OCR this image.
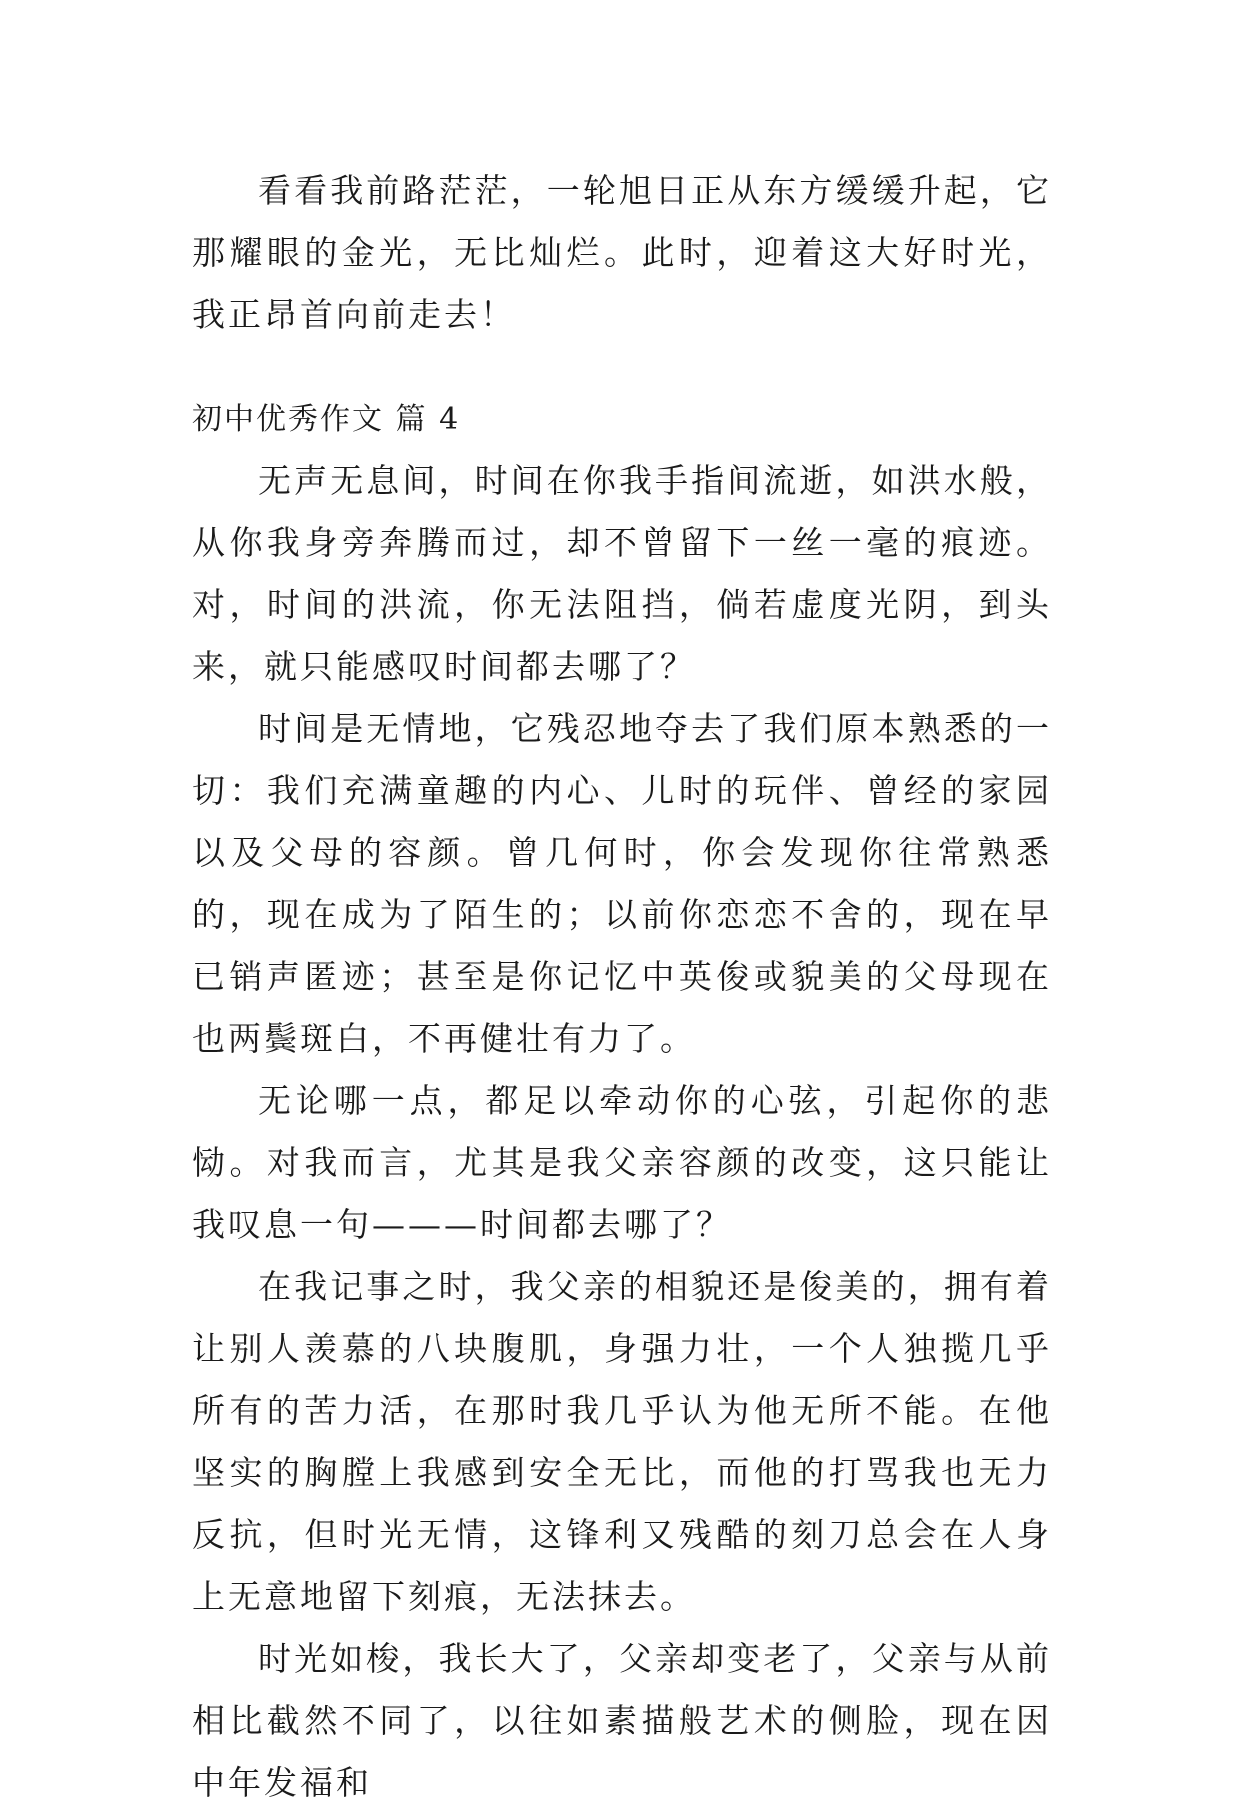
看看我前路茫茫，一轮旭日正从东方缓缓升起，它那耀眼的金光，无比灿烂。此时，迎着这大好时光，我正昂首向前走去！

初中优秀作文 篇 4

无声无息间，时间在你我手指间流逝，如洪水般，从你我身旁奔腾而过，却不曾留下一丝一毫的痕迹。对，时间的洪流，你无法阻挡，倘若虚度光阴，到头来，就只能感叹时间都去哪了？

时间是无情地，它残忍地夺去了我们原本熟悉的一切：我们充满童趣的内心、儿时的玩伴、曾经的家园以及父母的容颜。曾几何时，你会发现你往常熟悉的，现在成为了陌生的；以前你恋恋不舍的，现在早已销声匿迹；甚至是你记忆中英俊或貌美的父母现在也两鬓斑白，不再健壮有力了。

无论哪一点，都足以牵动你的心弦，引起你的悲恸。对我而言，尤其是我父亲容颜的改变，这只能让我叹息一句———时间都去哪了？

在我记事之时，我父亲的相貌还是俊美的，拥有着让别人羡慕的八块腹肌，身强力壮，一个人独揽几乎所有的苦力活，在那时我几乎认为他无所不能。在他坚实的胸膛上我感到安全无比，而他的打骂我也无力反抗，但时光无情，这锋利又残酷的刻刀总会在人身上无意地留下刻痕，无法抹去。

时光如梭，我长大了，父亲却变老了，父亲与从前相比截然不同了，以往如素描般艺术的侧脸，现在因中年发福和
